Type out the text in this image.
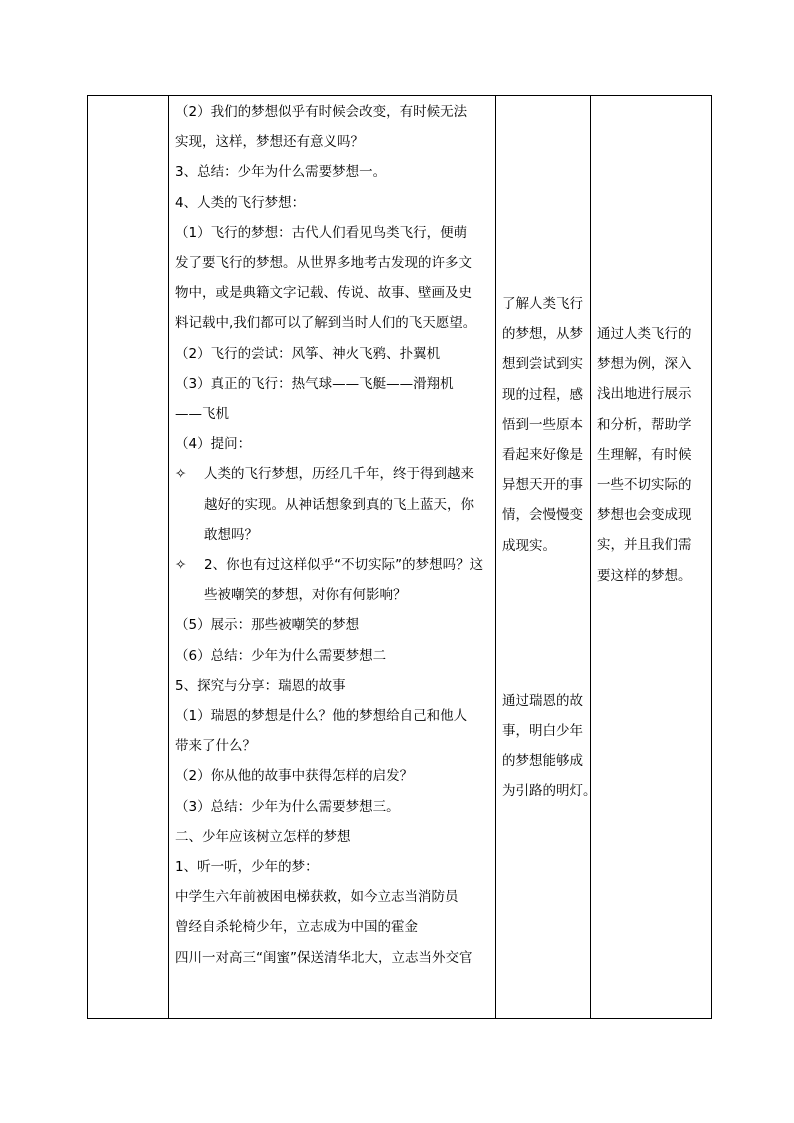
（2）我们的梦想似乎有时候会改变，有时候无法
实现，这样，梦想还有意义吗？
3、总结：少年为什么需要梦想一。
4、人类的飞行梦想：
（1）飞行的梦想：古代人们看见鸟类飞行，便萌
发了要飞行的梦想。从世界多地考古发现的许多文
物中，或是典籍文字记载、传说、故事、壁画及史
料记载中,我们都可以了解到当时人们的飞天愿望。
（2）飞行的尝试：风筝、神火飞鸦、扑翼机
（3）真正的飞行：热气球——飞艇——滑翔机
——飞机
（4）提问：
✧ 人类的飞行梦想，历经几千年，终于得到越来
越好的实现。从神话想象到真的飞上蓝天，你
敢想吗？
✧ 2、你也有过这样似乎“不切实际”的梦想吗？这
些被嘲笑的梦想，对你有何影响？
（5）展示：那些被嘲笑的梦想
（6）总结：少年为什么需要梦想二
5、探究与分享：瑞恩的故事
（1）瑞恩的梦想是什么？他的梦想给自己和他人
带来了什么？
（2）你从他的故事中获得怎样的启发？
（3）总结：少年为什么需要梦想三。
二、少年应该树立怎样的梦想
1、听一听，少年的梦：
中学生六年前被困电梯获救，如今立志当消防员
曾经自杀轮椅少年，立志成为中国的霍金
四川一对高三“闺蜜”保送清华北大，立志当外交官

了解人类飞行
的梦想，从梦
想到尝试到实
现的过程，感
悟到一些原本
看起来好像是
异想天开的事
情，会慢慢变
成现实。
通过瑞恩的故
事，明白少年
的梦想能够成
为引路的明灯。

通过人类飞行的
梦想为例，深入
浅出地进行展示
和分析，帮助学
生理解，有时候
一些不切实际的
梦想也会变成现
实，并且我们需
要这样的梦想。
